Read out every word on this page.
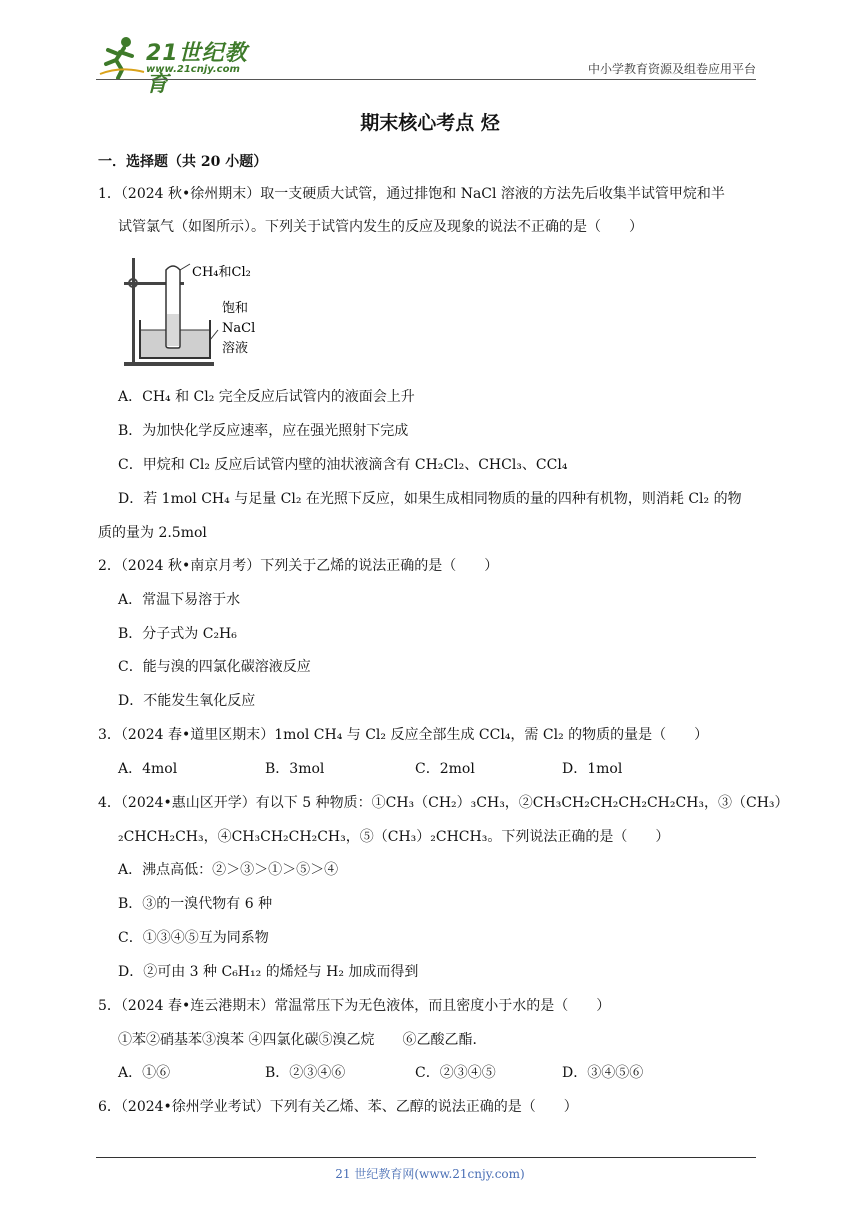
21世纪教育
www.21cnjy.com	中小学教育资源及组卷应用平台
期末核心考点 烃
一．选择题（共 20 小题）
1．（2024 秋•徐州期末）取一支硬质大试管，通过排饱和 NaCl 溶液的方法先后收集半试管甲烷和半
试管氯气（如图所示）。下列关于试管内发生的反应及现象的说法不正确的是（　　）
CH₄和Cl₂
饱和
NaCl
溶液
A．CH₄ 和 Cl₂ 完全反应后试管内的液面会上升
B．为加快化学反应速率，应在强光照射下完成
C．甲烷和 Cl₂ 反应后试管内壁的油状液滴含有 CH₂Cl₂、CHCl₃、CCl₄
D．若 1mol CH₄ 与足量 Cl₂ 在光照下反应，如果生成相同物质的量的四种有机物，则消耗 Cl₂ 的物
质的量为 2.5mol
2．（2024 秋•南京月考）下列关于乙烯的说法正确的是（　　）
A．常温下易溶于水
B．分子式为 C₂H₆
C．能与溴的四氯化碳溶液反应
D．不能发生氧化反应
3．（2024 春•道里区期末）1mol CH₄ 与 Cl₂ 反应全部生成 CCl₄，需 Cl₂ 的物质的量是（　　）
A．4mol	B．3mol	C．2mol	D．1mol
4．（2024•惠山区开学）有以下 5 种物质：①CH₃（CH₂）₃CH₃，②CH₃CH₂CH₂CH₂CH₂CH₃，③（CH₃）
₂CHCH₂CH₃，④CH₃CH₂CH₂CH₃，⑤（CH₃）₂CHCH₃。下列说法正确的是（　　）
A．沸点高低：②＞③＞①＞⑤＞④
B．③的一溴代物有 6 种
C．①③④⑤互为同系物
D．②可由 3 种 C₆H₁₂ 的烯烃与 H₂ 加成而得到
5．（2024 春•连云港期末）常温常压下为无色液体，而且密度小于水的是（　　）
①苯②硝基苯③溴苯 ④四氯化碳⑤溴乙烷　　⑥乙酸乙酯．
A．①⑥	B．②③④⑥	C．②③④⑤	D．③④⑤⑥
6．（2024•徐州学业考试）下列有关乙烯、苯、乙醇的说法正确的是（　　）
21 世纪教育网(www.21cnjy.com)
